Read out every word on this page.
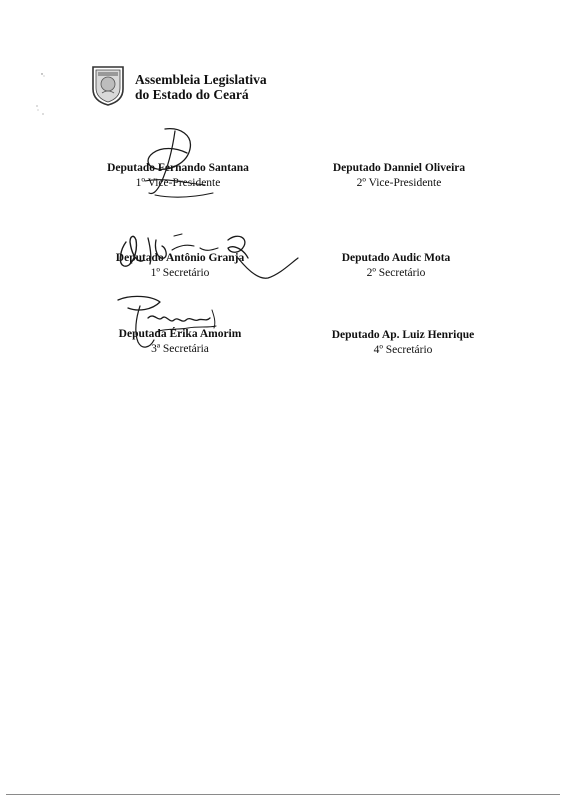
Assembleia Legislativa
do Estado do Ceará
Deputado Fernando Santana
1º Vice-Presidente
Deputado Danniel Oliveira
2º Vice-Presidente
Deputado Antônio Granja
1º Secretário
Deputado Audic Mota
2º Secretário
Deputada Érika Amorim
3ª Secretária
Deputado Ap. Luiz Henrique
4º Secretário
